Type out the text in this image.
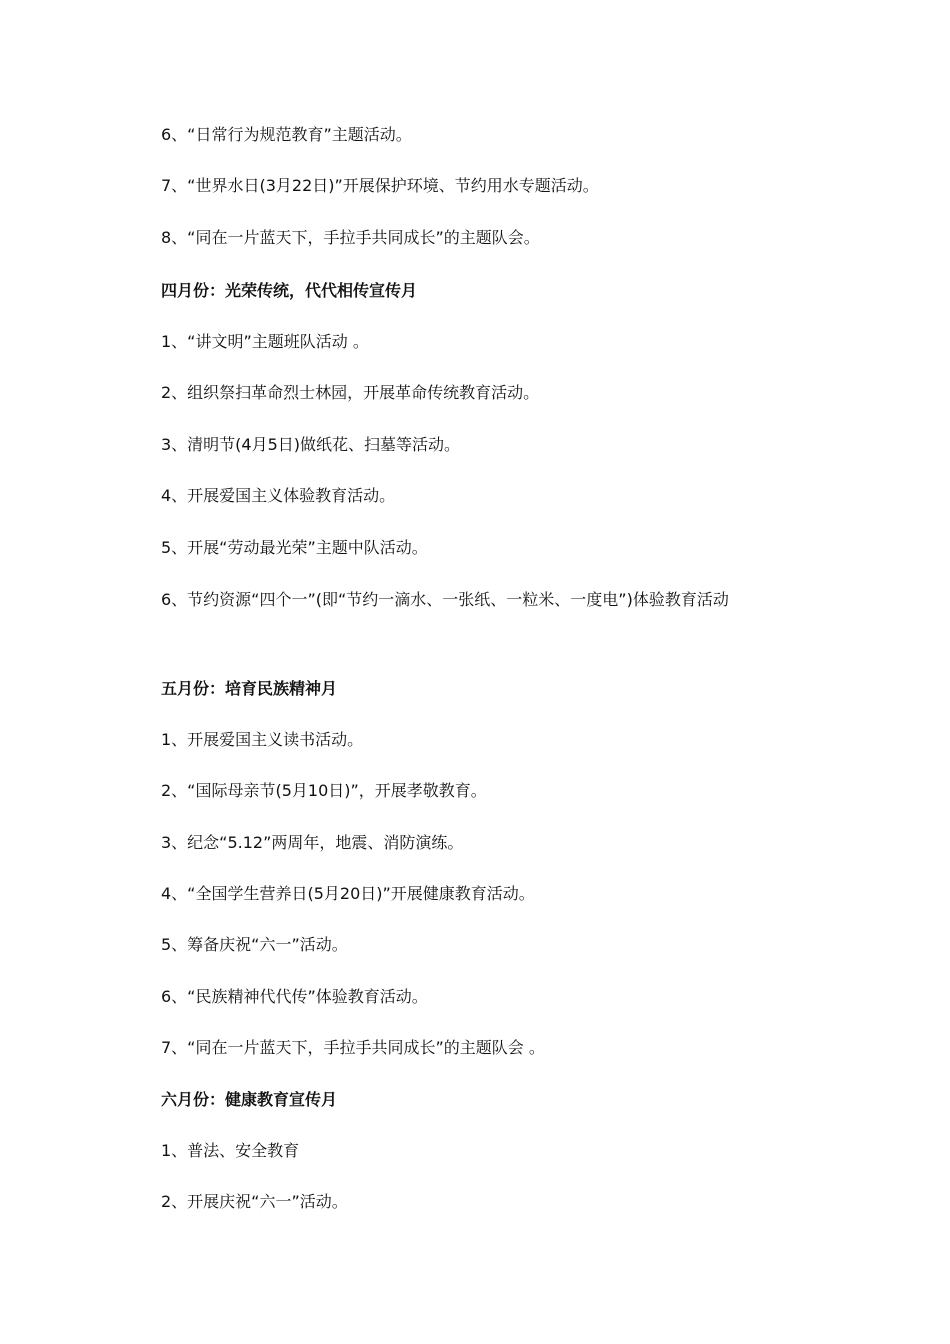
6、“日常行为规范教育”主题活动。
7、“世界水日(3月22日)”开展保护环境、节约用水专题活动。
8、“同在一片蓝天下，手拉手共同成长”的主题队会。
四月份：光荣传统，代代相传宣传月
1、“讲文明”主题班队活动 。
2、组织祭扫革命烈士林园，开展革命传统教育活动。
3、清明节(4月5日)做纸花、扫墓等活动。
4、开展爱国主义体验教育活动。
5、开展“劳动最光荣”主题中队活动。
6、节约资源“四个一”(即“节约一滴水、一张纸、一粒米、一度电”)体验教育活动
五月份：培育民族精神月
1、开展爱国主义读书活动。
2、“国际母亲节(5月10日)”，开展孝敬教育。
3、纪念“5.12”两周年，地震、消防演练。
4、“全国学生营养日(5月20日)”开展健康教育活动。
5、筹备庆祝“六一”活动。
6、“民族精神代代传”体验教育活动。
7、“同在一片蓝天下，手拉手共同成长”的主题队会 。
六月份：健康教育宣传月
1、普法、安全教育
2、开展庆祝“六一”活动。
